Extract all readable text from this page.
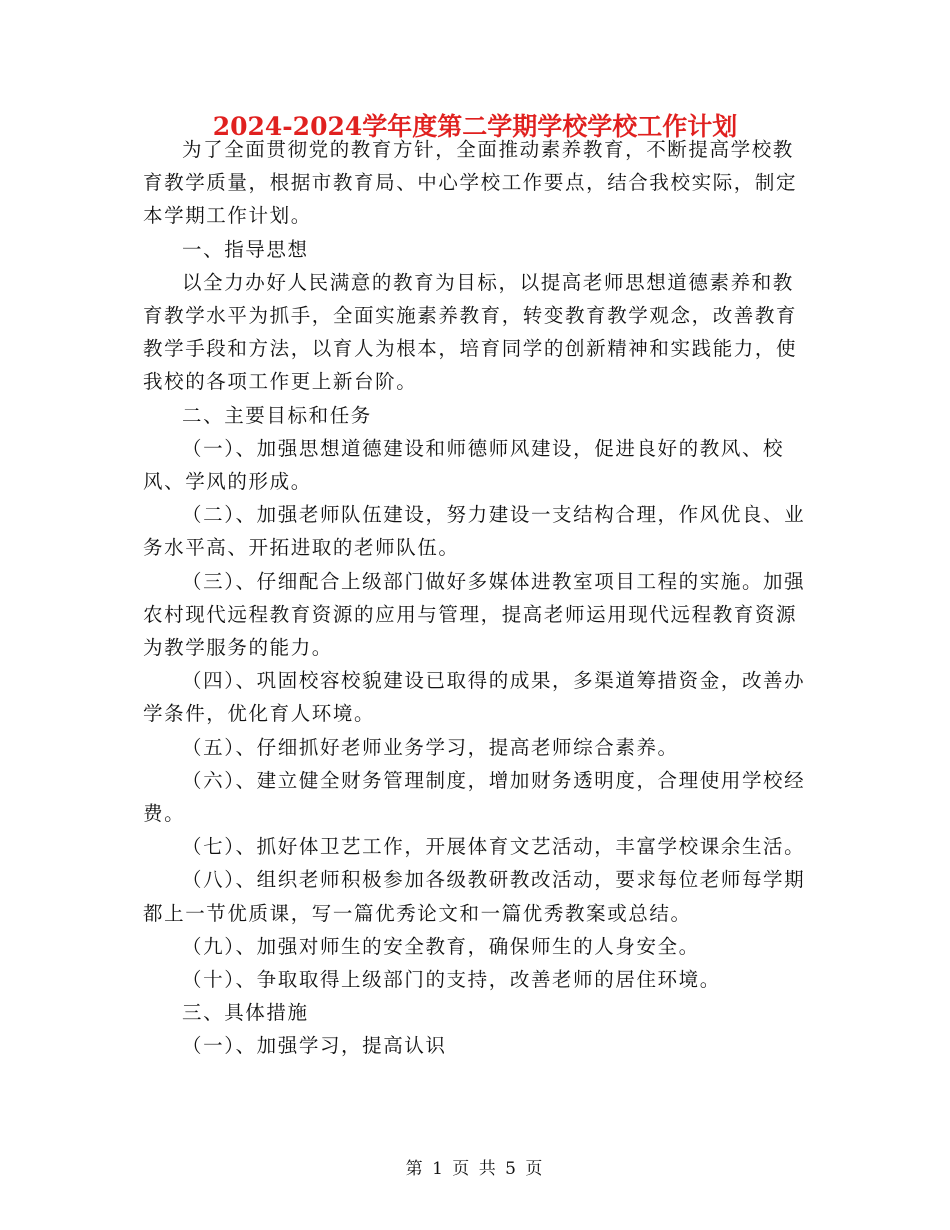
2024-2024学年度第二学期学校学校工作计划

为了全面贯彻党的教育方针，全面推动素养教育，不断提高学校教育教学质量，根据市教育局、中心学校工作要点，结合我校实际，制定本学期工作计划。

一、指导思想

以全力办好人民满意的教育为目标，以提高老师思想道德素养和教育教学水平为抓手，全面实施素养教育，转变教育教学观念，改善教育教学手段和方法，以育人为根本，培育同学的创新精神和实践能力，使我校的各项工作更上新台阶。

二、主要目标和任务

（一）、加强思想道德建设和师德师风建设，促进良好的教风、校风、学风的形成。

（二）、加强老师队伍建设，努力建设一支结构合理，作风优良、业务水平高、开拓进取的老师队伍。

（三）、仔细配合上级部门做好多媒体进教室项目工程的实施。加强农村现代远程教育资源的应用与管理，提高老师运用现代远程教育资源为教学服务的能力。

（四）、巩固校容校貌建设已取得的成果，多渠道筹措资金，改善办学条件，优化育人环境。

（五）、仔细抓好老师业务学习，提高老师综合素养。

（六）、建立健全财务管理制度，增加财务透明度，合理使用学校经费。

（七）、抓好体卫艺工作，开展体育文艺活动，丰富学校课余生活。

（八）、组织老师积极参加各级教研教改活动，要求每位老师每学期都上一节优质课，写一篇优秀论文和一篇优秀教案或总结。

（九）、加强对师生的安全教育，确保师生的人身安全。

（十）、争取取得上级部门的支持，改善老师的居住环境。

三、具体措施

（一）、加强学习，提高认识

第 1 页 共 5 页
